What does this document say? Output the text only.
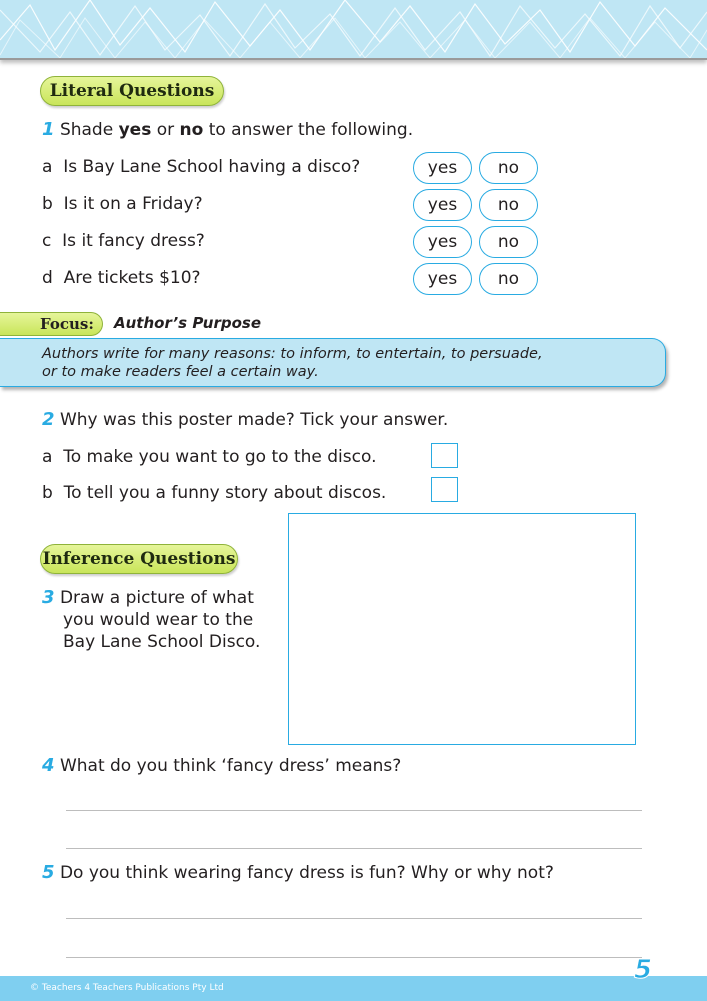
Literal Questions
1 Shade yes or no to answer the following.
a Is Bay Lane School having a disco?
b Is it on a Friday?
c Is it fancy dress?
d Are tickets $10?
yes	no
yes	no
yes	no
yes	no
Focus:	Author’s Purpose
Authors write for many reasons: to inform, to entertain, to persuade,
or to make readers feel a certain way.
2 Why was this poster made? Tick your answer.
a To make you want to go to the disco.
b To tell you a funny story about discos.
Inference Questions
3 Draw a picture of what
you would wear to the
Bay Lane School Disco.
4 What do you think ‘fancy dress’ means?
5 Do you think wearing fancy dress is fun? Why or why not?
© Teachers 4 Teachers Publications Pty Ltd
5
